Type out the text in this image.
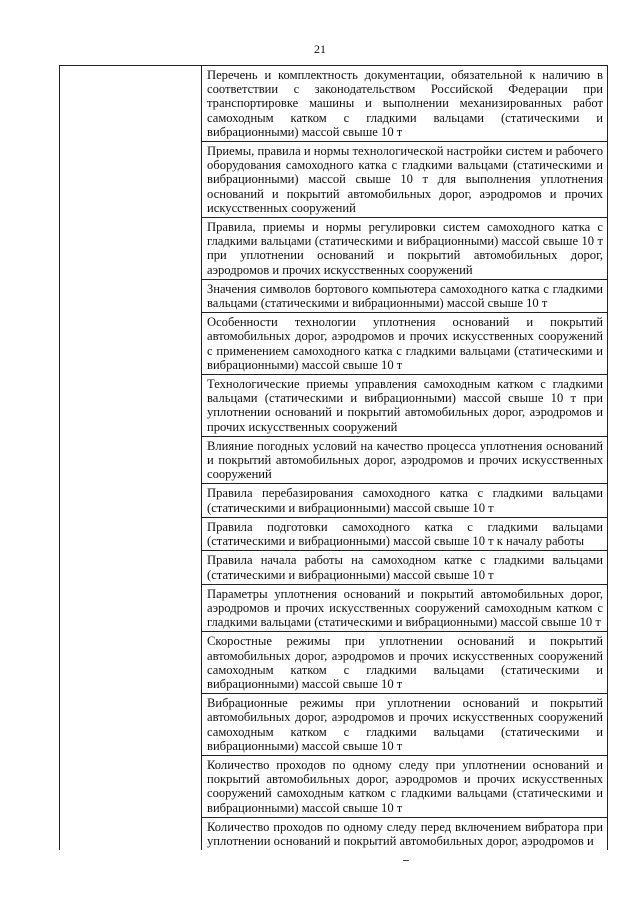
21
Перечень и комплектность документации, обязательной к наличию в соответствии с законодательством Российской Федерации при транспортировке машины и выполнении механизированных работ самоходным катком с гладкими вальцами (статическими и вибрационными) массой свыше 10 т
Приемы, правила и нормы технологической настройки систем и рабочего оборудования самоходного катка с гладкими вальцами (статическими и вибрационными) массой свыше 10 т для выполнения уплотнения оснований и покрытий автомобильных дорог, аэродромов и прочих искусственных сооружений
Правила, приемы и нормы регулировки систем самоходного катка с гладкими вальцами (статическими и вибрационными) массой свыше 10 т при уплотнении оснований и покрытий автомобильных дорог, аэродромов и прочих искусственных сооружений
Значения символов бортового компьютера самоходного катка с гладкими вальцами (статическими и вибрационными) массой свыше 10 т
Особенности технологии уплотнения оснований и покрытий автомобильных дорог, аэродромов и прочих искусственных сооружений с применением самоходного катка с гладкими вальцами (статическими и вибрационными) массой свыше 10 т
Технологические приемы управления самоходным катком с гладкими вальцами (статическими и вибрационными) массой свыше 10 т при уплотнении оснований и покрытий автомобильных дорог, аэродромов и прочих искусственных сооружений
Влияние погодных условий на качество процесса уплотнения оснований и покрытий автомобильных дорог, аэродромов и прочих искусственных сооружений
Правила перебазирования самоходного катка с гладкими вальцами (статическими и вибрационными) массой свыше 10 т
Правила подготовки самоходного катка с гладкими вальцами (статическими и вибрационными) массой свыше 10 т к началу работы
Правила начала работы на самоходном катке с гладкими вальцами (статическими и вибрационными) массой свыше 10 т
Параметры уплотнения оснований и покрытий автомобильных дорог, аэродромов и прочих искусственных сооружений самоходным катком с гладкими вальцами (статическими и вибрационными) массой свыше 10 т
Скоростные режимы при уплотнении оснований и покрытий автомобильных дорог, аэродромов и прочих искусственных сооружений самоходным катком с гладкими вальцами (статическими и вибрационными) массой свыше 10 т
Вибрационные режимы при уплотнении оснований и покрытий автомобильных дорог, аэродромов и прочих искусственных сооружений самоходным катком с гладкими вальцами (статическими и вибрационными) массой свыше 10 т
Количество проходов по одному следу при уплотнении оснований и покрытий автомобильных дорог, аэродромов и прочих искусственных сооружений самоходным катком с гладкими вальцами (статическими и вибрационными) массой свыше 10 т
Количество проходов по одному следу перед включением вибратора при уплотнении оснований и покрытий автомобильных дорог, аэродромов и
